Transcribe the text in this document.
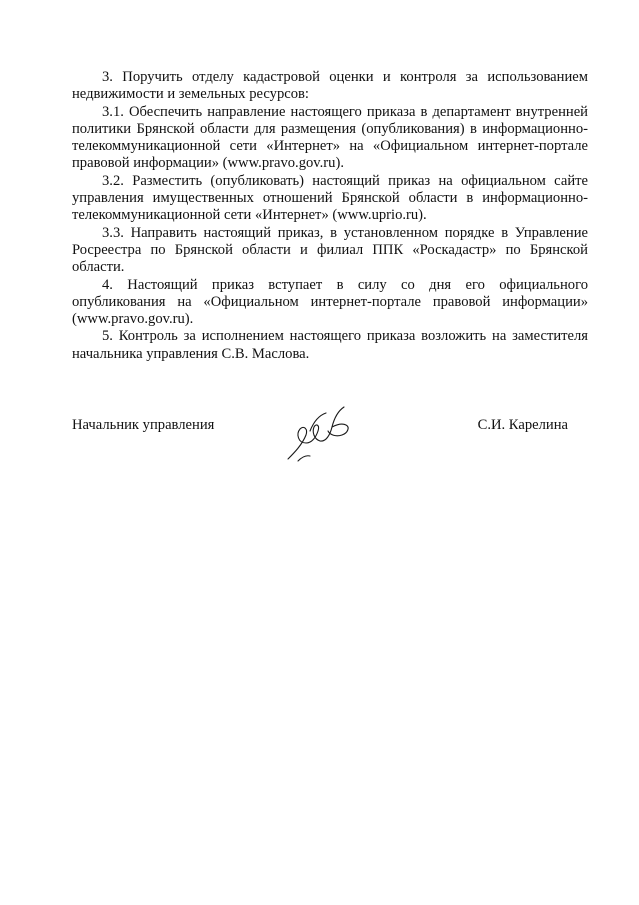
3. Поручить отделу кадастровой оценки и контроля за использованием недвижимости и земельных ресурсов:

3.1. Обеспечить направление настоящего приказа в департамент внутренней политики Брянской области для размещения (опубликования) в информационно-телекоммуникационной сети «Интернет» на «Официальном интернет-портале правовой информации» (www.pravo.gov.ru).

3.2. Разместить (опубликовать) настоящий приказ на официальном сайте управления имущественных отношений Брянской области в информационно-телекоммуникационной сети «Интернет» (www.uprio.ru).

3.3. Направить настоящий приказ, в установленном порядке в Управление Росреестра по Брянской области и филиал ППК «Роскадастр» по Брянской области.

4. Настоящий приказ вступает в силу со дня его официального опубликования на «Официальном интернет-портале правовой информации» (www.pravo.gov.ru).

5. Контроль за исполнением настоящего приказа возложить на заместителя начальника управления С.В. Маслова.

Начальник управления	С.И. Карелина
